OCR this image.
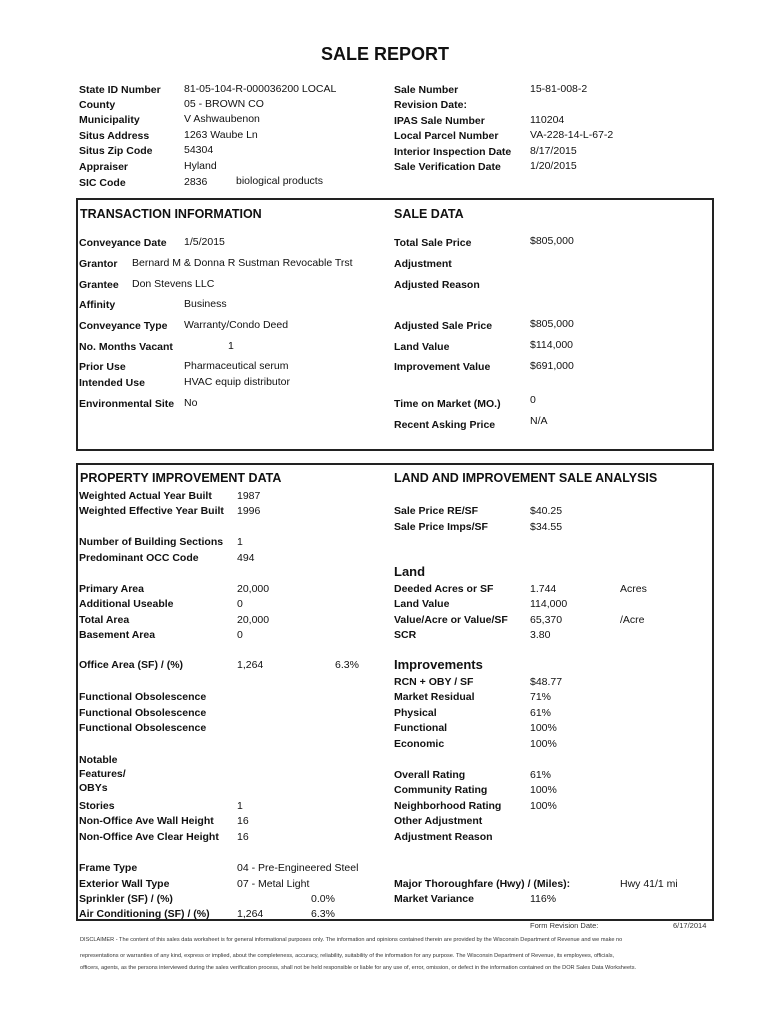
SALE REPORT
State ID Number 81-05-104-R-000036200 LOCAL
County	05 - BROWN CO
Municipality	V Ashwaubenon
Situs Address	1263 Waube Ln
Situs Zip Code	54304
Appraiser	Hyland
SIC Code	2836	biological products
Sale Number	15-81-008-2
Revision Date:
IPAS Sale Number	110204
Local Parcel Number	VA-228-14-L-67-2
Interior Inspection Date 8/17/2015
Sale Verification Date	1/20/2015
TRANSACTION INFORMATION
Conveyance Date 1/5/2015
Grantor Bernard M & Donna R Sustman Revocable Trst
Grantee Don Stevens LLC
Affinity	Business
Conveyance Type Warranty/Condo Deed
No. Months Vacant	1
Prior Use	Pharmaceutical serum
Intended Use	HVAC equip distributor
Environmental Site No
SALE DATA
Total Sale Price	$805,000
Adjustment
Adjusted Reason
Adjusted Sale Price	$805,000
Land Value	$114,000
Improvement Value	$691,000
Time on Market (MO.)	0
Recent Asking Price	N/A
PROPERTY IMPROVEMENT DATA
Weighted Actual Year Built 1987
Weighted Effective Year Built 1996
Number of Building Sections 1
Predominant OCC Code	494
Primary Area	20,000
Additional Useable	0
Total Area	20,000
Basement Area	0
Office Area (SF) / (%)	1,264	6.3%
Functional Obsolescence
Functional Obsolescence
Functional Obsolescence
Notable
Features/
OBYs
Stories	1
Non-Office Ave Wall Height 16
Non-Office Ave Clear Height 16
Frame Type	04 - Pre-Engineered Steel
Exterior Wall Type	07 - Metal Light
Sprinkler (SF) / (%)	0.0%
Air Conditioning (SF) / (%)	1,264	6.3%
LAND AND IMPROVEMENT SALE ANALYSIS
Sale Price RE/SF	$40.25
Sale Price Imps/SF	$34.55
Land
Deeded Acres or SF	1.744	Acres
Land Value	114,000
Value/Acre or Value/SF 65,370	/Acre
SCR	3.80
Improvements
RCN + OBY / SF	$48.77
Market Residual	71%
Physical	61%
Functional	100%
Economic	100%
Overall Rating	61%
Community Rating	100%
Neighborhood Rating	100%
Other Adjustment
Adjustment Reason
Major Thoroughfare (Hwy) / (Miles):	Hwy 41/1 mi
Market Variance	116%
Form Revision Date:	6/17/2014
DISCLAIMER - The content of this sales data worksheet is for general informational purposes only. The information and opinions contained therein are provided by the Wisconsin Department of Revenue and we make no
representations or warranties of any kind, express or implied, about the completeness, accuracy, reliability, suitability of the information for any purpose. The Wisconsin Department of Revenue, its employees, officials,
officers, agents, as the persons interviewed during the sales verification process, shall not be held responsible or liable for any use of, error, omission, or defect in the information contained on the DOR Sales Data Worksheets.
